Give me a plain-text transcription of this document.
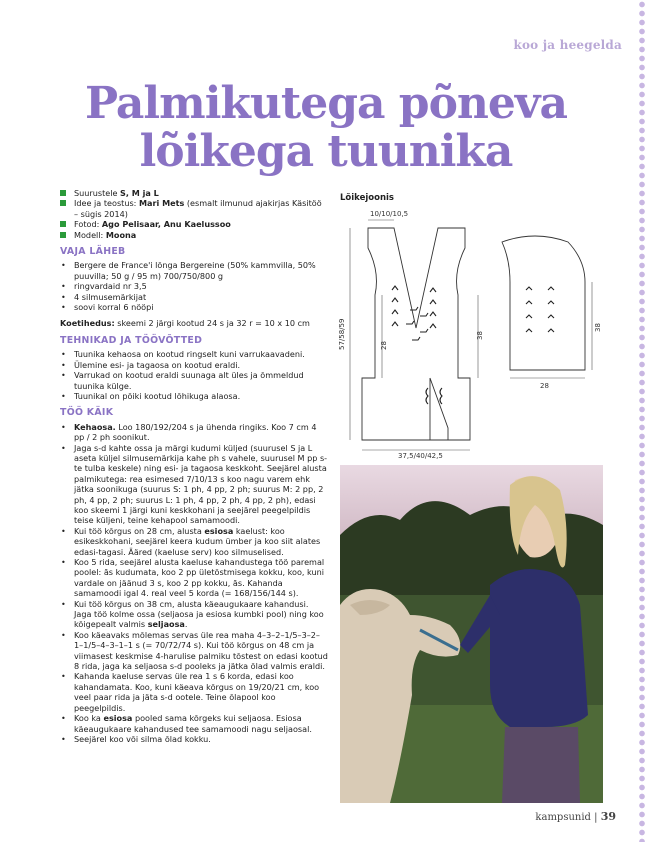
koo ja heegelda
Palmikutega põneva
lõikega tuunika
Suurustele S, M ja L
Idee ja teostus: Mari Mets (esmalt ilmunud ajakirjas Käsitöö – sügis 2014)
Fotod: Ago Pelisaar, Anu Kaelussoo
Modell: Moona
VAJA LÄHEB
• Bergere de France'i lõnga Bergereine (50% kammvilla, 50% puuvilla; 50 g / 95 m) 700/750/800 g
• ringvardaid nr 3,5
• 4 silmusemärkijat
• soovi korral 6 nööpi

Koetihedus: skeemi 2 järgi kootud 24 s ja 32 r = 10 x 10 cm

TEHNIKAD JA TÖÖVÕTTED
• Tuunika kehaosa on kootud ringselt kuni varrukaavadeni.
• Ülemine esi- ja tagaosa on kootud eraldi.
• Varrukad on kootud eraldi suunaga alt üles ja õmmeldud tuunika külge.
• Tuunikal on põiki kootud lõhikuga alaosa.
TÖÖ KÄIK
• Kehaosa. Loo 180/192/204 s ja ühenda ringiks. Koo 7 cm 4 pp / 2 ph soonikut.
• Jaga s-d kahte ossa ja märgi kudumi küljed (suurusel S ja L aseta küljel silmusemärkija kahe ph s vahele, suurusel M pp s-te tulba keskele) ning esi- ja tagaosa keskkoht. Seejärel alusta palmikutega: rea esimesed 7/10/13 s koo nagu varem ehk jätka soonikuga (suurus S: 1 ph, 4 pp, 2 ph; suurus M: 2 pp, 2 ph, 4 pp, 2 ph; suurus L: 1 ph, 4 pp, 2 ph, 4 pp, 2 ph), edasi koo skeemi 1 järgi kuni keskkohani ja seejärel peegelpildis teise küljeni, teine kehapool samamoodi.
• Kui töö kõrgus on 28 cm, alusta esiosa kaelust: koo esikeskkohani, seejärel keera kudum ümber ja koo siit alates edasi-tagasi. Ääred (kaeluse serv) koo silmuselised.
• Koo 5 rida, seejärel alusta kaeluse kahandustega töö paremal poolel: ās kudumata, koo 2 pp ületõstmisega kokku, koo, kuni vardale on jäänud 3 s, koo 2 pp kokku, ās. Kahanda samamoodi igal 4. real veel 5 korda (= 168/156/144 s).
• Kui töö kõrgus on 38 cm, alusta käeaugukaare kahandusi. Jaga töö kolme ossa (seljaosa ja esiosa kumbki pool) ning koo kõigepealt valmis seljaosa.
• Koo käeavaks mõlemas servas üle rea maha 4–3–2–1/5–3–2–1–1/5–4–3–1–1 s (= 70/72/74 s). Kui töö kõrgus on 48 cm ja viimasest keskmise 4-harulise palmiku tõstest on edasi kootud 8 rida, jaga ka seljaosa s-d pooleks ja jätka õlad valmis eraldi.
• Kahanda kaeluse servas üle rea 1 s 6 korda, edasi koo kahandamata. Koo, kuni käeava kõrgus on 19/20/21 cm, koo veel paar rida ja jäta s-d ootele. Teine õlapool koo peegelpildis.
• Koo ka esiosa pooled sama kõrgeks kui seljaosa. Esiosa käeaugukaare kahandused tee samamoodi nagu seljaosal.
• Seejärel koo või silma õlad kokku.
Lõikejoonis
10/10/10,5
57/58/59	28
38
37,5/40/42,5
38
28
kampsunid | 39
